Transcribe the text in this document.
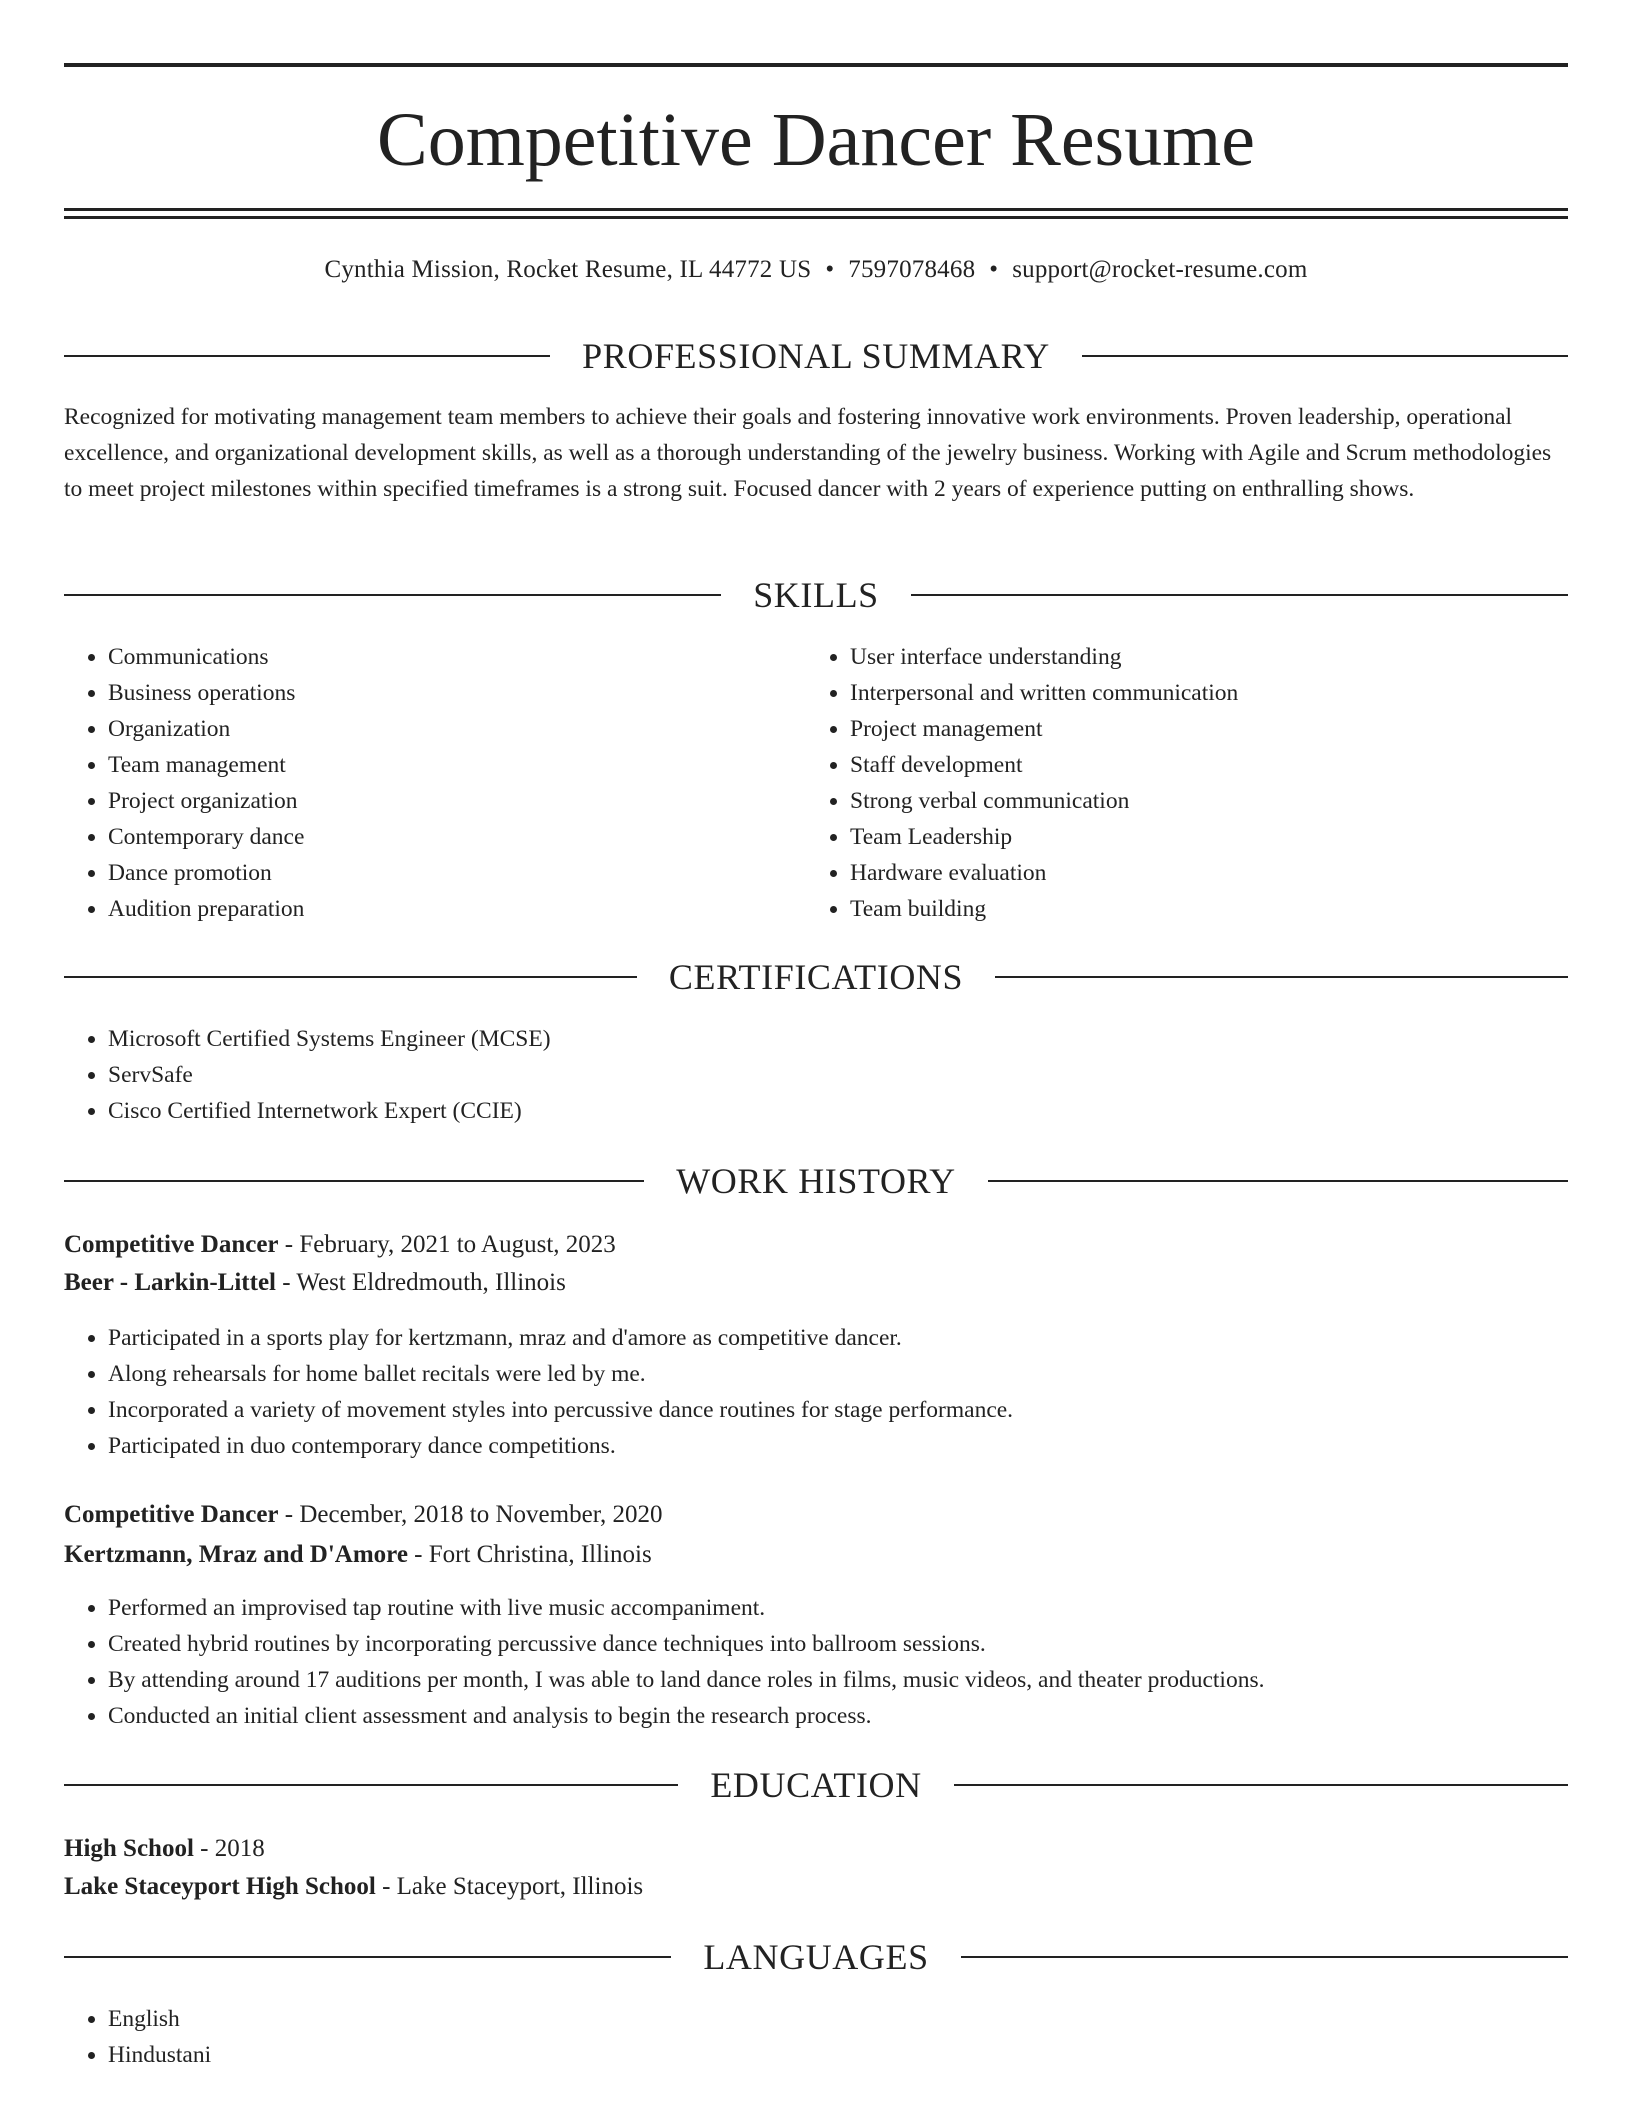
Competitive Dancer Resume
Cynthia Mission, Rocket Resume, IL 44772 US • 7597078468 • support@rocket-resume.com
PROFESSIONAL SUMMARY

Recognized for motivating management team members to achieve their goals and fostering innovative work environments. Proven leadership, operational excellence, and organizational development skills, as well as a thorough understanding of the jewelry business. Working with Agile and Scrum methodologies to meet project milestones within specified timeframes is a strong suit. Focused dancer with 2 years of experience putting on enthralling shows.

SKILLS
• Communications
• Business operations
• Organization
• Team management
• Project organization
• Contemporary dance
• Dance promotion
• Audition preparation
• User interface understanding
• Interpersonal and written communication
• Project management
• Staff development
• Strong verbal communication
• Team Leadership
• Hardware evaluation
• Team building
CERTIFICATIONS
• Microsoft Certified Systems Engineer (MCSE)
• ServSafe
• Cisco Certified Internetwork Expert (CCIE)
WORK HISTORY
Competitive Dancer - February, 2021 to August, 2023
Beer - Larkin-Littel - West Eldredmouth, Illinois
• Participated in a sports play for kertzmann, mraz and d'amore as competitive dancer.
• Along rehearsals for home ballet recitals were led by me.
• Incorporated a variety of movement styles into percussive dance routines for stage performance.
• Participated in duo contemporary dance competitions.
Competitive Dancer - December, 2018 to November, 2020
Kertzmann, Mraz and D'Amore - Fort Christina, Illinois
• Performed an improvised tap routine with live music accompaniment.
• Created hybrid routines by incorporating percussive dance techniques into ballroom sessions.
• By attending around 17 auditions per month, I was able to land dance roles in films, music videos, and theater productions.
• Conducted an initial client assessment and analysis to begin the research process.
EDUCATION
High School - 2018
Lake Staceyport High School - Lake Staceyport, Illinois
LANGUAGES
• English
• Hindustani
